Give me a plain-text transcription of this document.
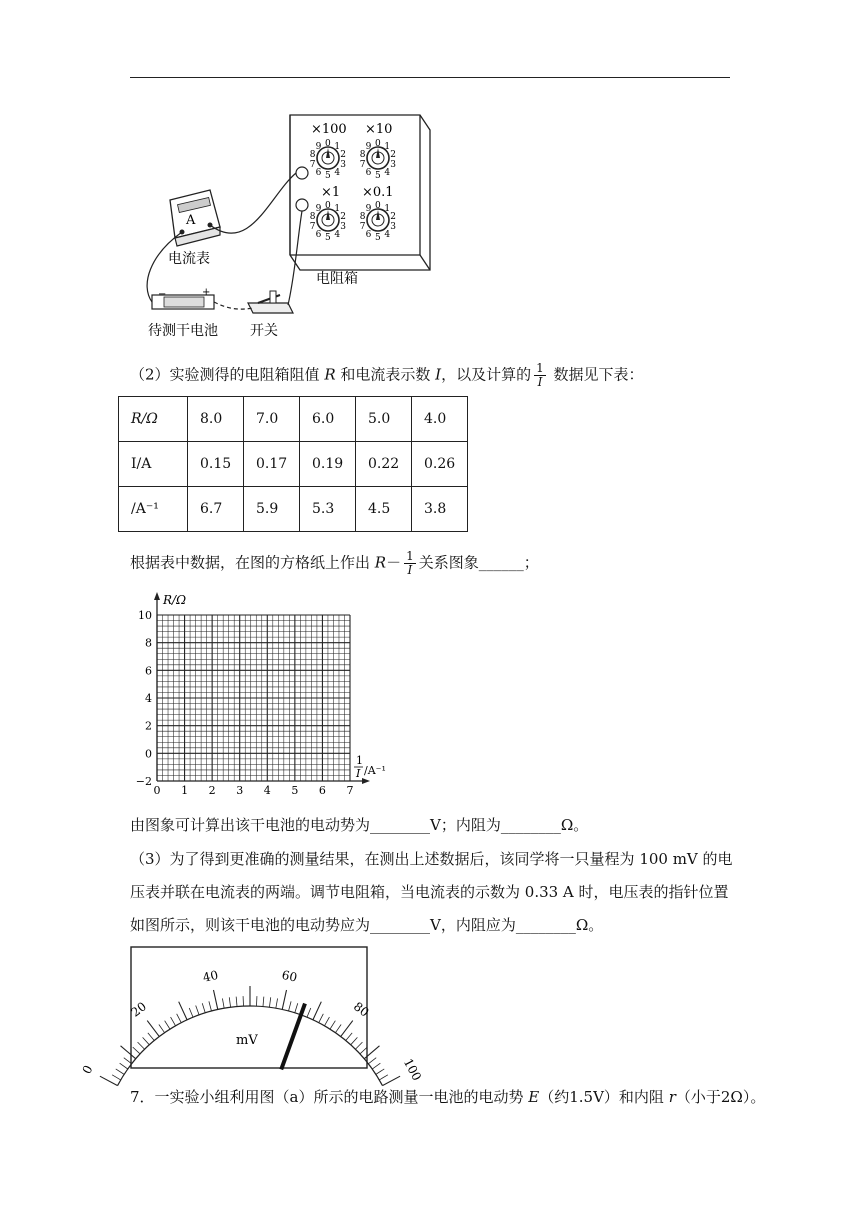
×100 ×10
×1 ×0.1
0 1
2
3
4
5
6
7
8
9	0 1
2
3
4
5
6
7
8
9
0 1
2
3
4
5
6
7
8
9	0 1
2
3
4
5
6
7
8
9
A
电流表
电阻箱
−	+
待测干电池 开关
（2）实验测得的电阻箱阻值 R 和电流表示数 I，以及计算的 $\frac{1}{I}$ 数据见下表：
R/Ω	8.0	7.0	6.0	5.0	4.0
I/A	0.15	0.17	0.19	0.22	0.26
/A⁻¹	6.7	5.9	5.3	4.5	3.8
根据表中数据，在图的方格纸上作出 $R- \frac{1}{I}$ 关系图象______；
10
8
6
4
2
0
−2
0 1 2 3 4 5 6 7
R/Ω
1
I /A⁻¹
由图象可计算出该干电池的电动势为________V；内阻为________Ω。
（3）为了得到更准确的测量结果，在测出上述数据后，该同学将一只量程为 100 mV 的电
压表并联在电流表的两端。调节电阻箱，当电流表的示数为 0.33 A 时，电压表的指针位置
如图所示，则该干电池的电动势应为________V，内阻应为________Ω。
0
20
40	60
80
100
mV
7．一实验小组利用图（a）所示的电路测量一电池的电动势 E（约1.5V）和内阻 r（小于2Ω）。
